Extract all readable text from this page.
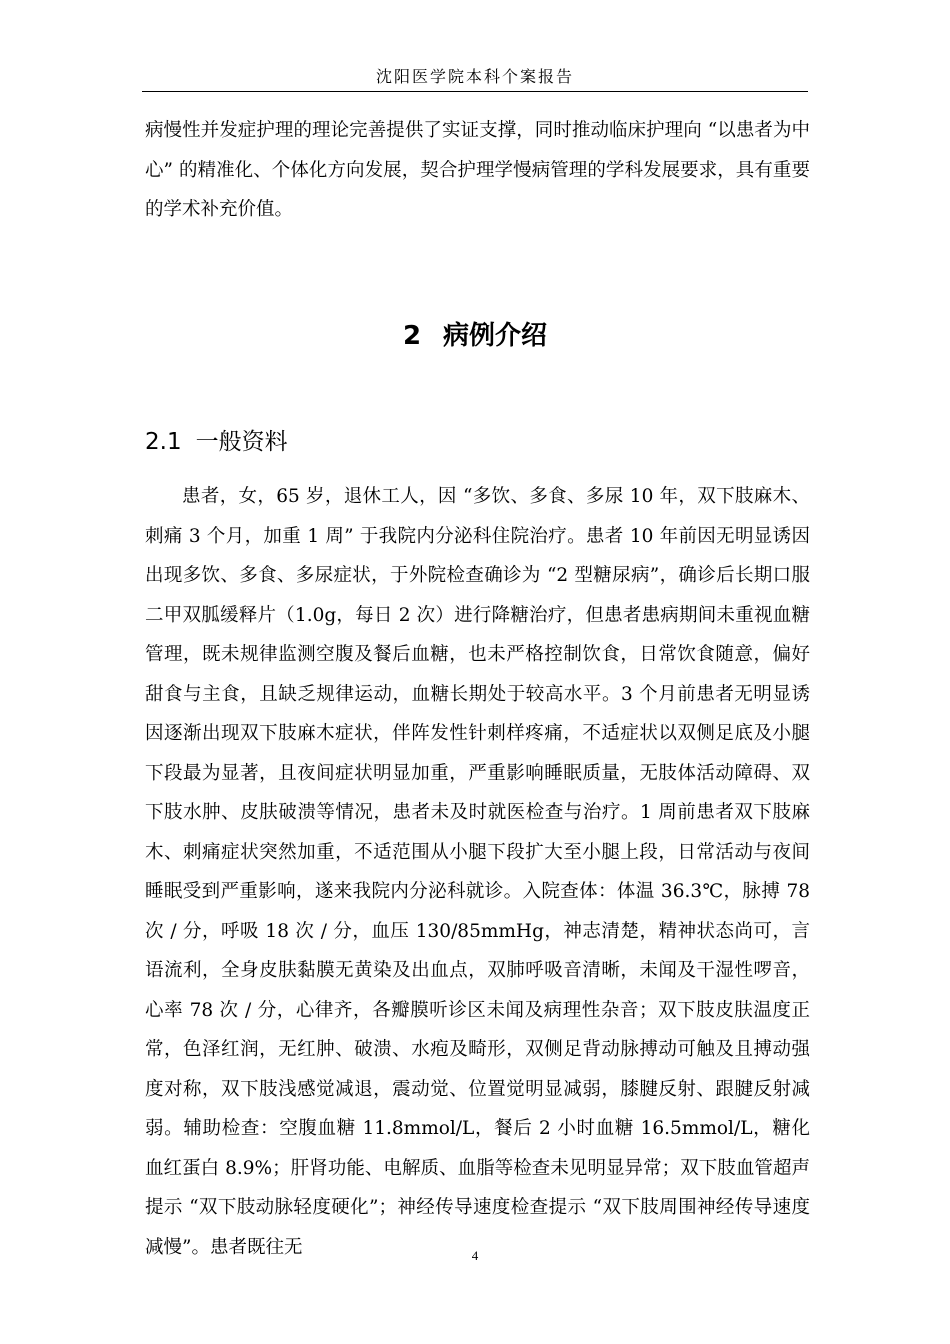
沈阳医学院本科个案报告

病慢性并发症护理的理论完善提供了实证支撑，同时推动临床护理向 “以患者为中心” 的精准化、个体化方向发展，契合护理学慢病管理的学科发展要求，具有重要的学术补充价值。

2 病例介绍
2.1 一般资料

患者，女，65 岁，退休工人，因 “多饮、多食、多尿 10 年，双下肢麻木、刺痛 3 个月，加重 1 周” 于我院内分泌科住院治疗。患者 10 年前因无明显诱因出现多饮、多食、多尿症状，于外院检查确诊为 “2 型糖尿病”，确诊后长期口服二甲双胍缓释片（1.0g，每日 2 次）进行降糖治疗，但患者患病期间未重视血糖管理，既未规律监测空腹及餐后血糖，也未严格控制饮食，日常饮食随意，偏好甜食与主食，且缺乏规律运动，血糖长期处于较高水平。3 个月前患者无明显诱因逐渐出现双下肢麻木症状，伴阵发性针刺样疼痛，不适症状以双侧足底及小腿下段最为显著，且夜间症状明显加重，严重影响睡眠质量，无肢体活动障碍、双下肢水肿、皮肤破溃等情况，患者未及时就医检查与治疗。1 周前患者双下肢麻木、刺痛症状突然加重，不适范围从小腿下段扩大至小腿上段，日常活动与夜间睡眠受到严重影响，遂来我院内分泌科就诊。入院查体：体温 36.3℃，脉搏 78 次 / 分，呼吸 18 次 / 分，血压 130/85mmHg，神志清楚，精神状态尚可，言语流利，全身皮肤黏膜无黄染及出血点，双肺呼吸音清晰，未闻及干湿性啰音，心率 78 次 / 分，心律齐，各瓣膜听诊区未闻及病理性杂音；双下肢皮肤温度正常，色泽红润，无红肿、破溃、水疱及畸形，双侧足背动脉搏动可触及且搏动强度对称，双下肢浅感觉减退，震动觉、位置觉明显减弱，膝腱反射、跟腱反射减弱。辅助检查：空腹血糖 11.8mmol/L，餐后 2 小时血糖 16.5mmol/L，糖化血红蛋白 8.9%；肝肾功能、电解质、血脂等检查未见明显异常；双下肢血管超声提示 “双下肢动脉轻度硬化”；神经传导速度检查提示 “双下肢周围神经传导速度减慢”。患者既往无	4
